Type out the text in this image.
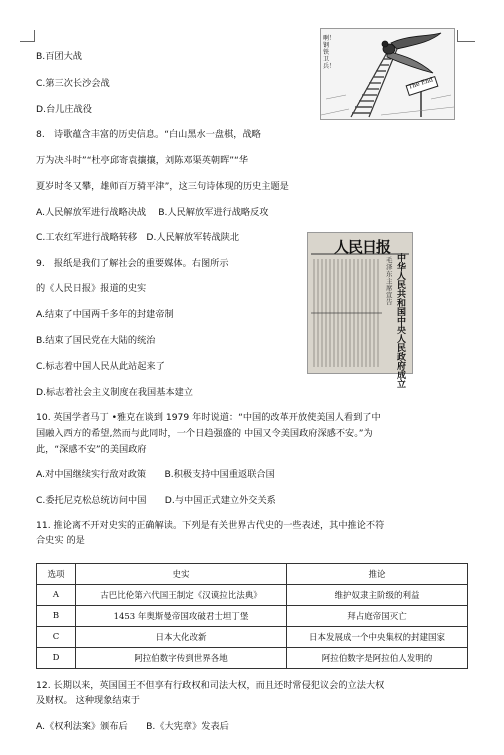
B.百团大战
C.第三次长沙会战
D.台儿庄战役
8.　诗歌蕴含丰富的历史信息。“白山黑水一盘棋，战略
万为决斗时”“杜亭邱寄袁攘攘，刘陈邓渠英朝晖”“华
夏岁时冬又攀，雄师百万骑平津”，这三句诗体现的历史主题是
A.人民解放军进行战略决战　 B.人民解放军进行战略反攻
C.工农红军进行战略转移　D.人民解放军转战陕北
9.　报纸是我们了解社会的重要媒体。右图所示
的《人民日报》报道的史实
A.结束了中国两千多年的封建帝制
B.结束了国民党在大陆的统治
C.标志着中国人民从此站起来了
D.标志着社会主义制度在我国基本建立
10. 英国学者马丁 •雅克在谈到 1979 年时说道：“中国的改革开放使美国人看到了中
国融入西方的希望,然而与此同时，一个日趋强盛的 中国又令美国政府深感不安。”为
此，“深感不安”的美国政府
A.对中国继续实行敌对政策　　B.积极支持中国重返联合国
C.委托尼克松总统访问中国　　D.与中国正式建立外交关系
11. 推论离不开对史实的正确解读。下列是有关世界古代史的一些表述，其中推论不符
合史实 的是
选项	史实	推论
A	古巴比伦第六代国王制定《汉谟拉比法典》	维护奴隶主阶级的利益
B	1453 年奥斯曼帝国攻破君士坦丁堡	拜占庭帝国灭亡
C	日本大化改新	日本发展成一个中央集权的封建国家
D	阿拉伯数字传到世界各地	阿拉伯数字是阿拉伯人发明的
12. 长期以来，英国国王不但享有行政权和司法大权，而且还时常侵犯议会的立法大权
及财权。 这种现象结束于
A.《权利法案》颁布后　　B.《大宪章》发表后
The End
啊！钢铁卫兵！
人民日报
中华人民共和国中央人民政府成立
毛泽东主席宣告
